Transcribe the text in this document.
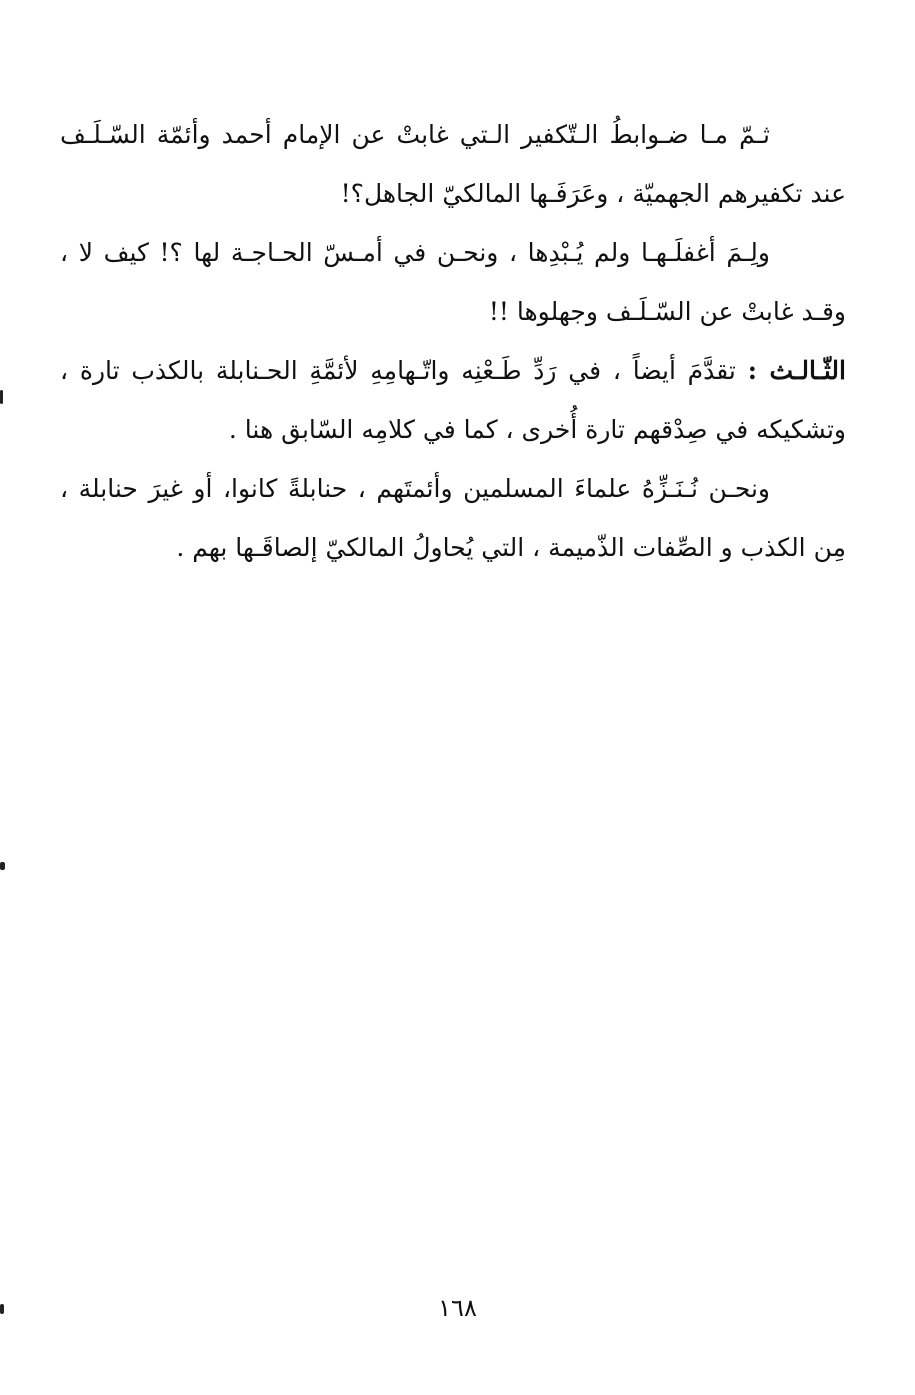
ثـمّ مـا ضـوابطُ الـتّكفير الـتي غابتْ عن الإمام أحمد وأئمّة السّـلَـف عند تكفيرهم الجهميّة ، وعَرَفَـها المالكيّ الجاهل؟!

ولِـمَ أغفلَـهـا ولم يُـبْدِها ، ونحـن في أمـسّ الحـاجـة لها ؟! كيف لا ، وقـد غابتْ عن السّـلَـف وجهلوها !!

الثّـالـث : تقدَّمَ أيضاً ، في رَدِّ طَـعْنِه واتّـهامِهِ لأئمَّةِ الحـنابلة بالكذب تارة ، وتشكيكه في صِدْقهم تارة أُخرى ، كما في كلامِه السّابق هنا .

ونحـن نُـنَـزِّهُ علماءَ المسلمين وأئمتَهم ، حنابلةً كانوا، أو غيرَ حنابلة ، مِن الكذب و الصِّفات الذّميمة ، التي يُحاولُ المالكيّ إلصاقَـها بهم .

١٦٨
